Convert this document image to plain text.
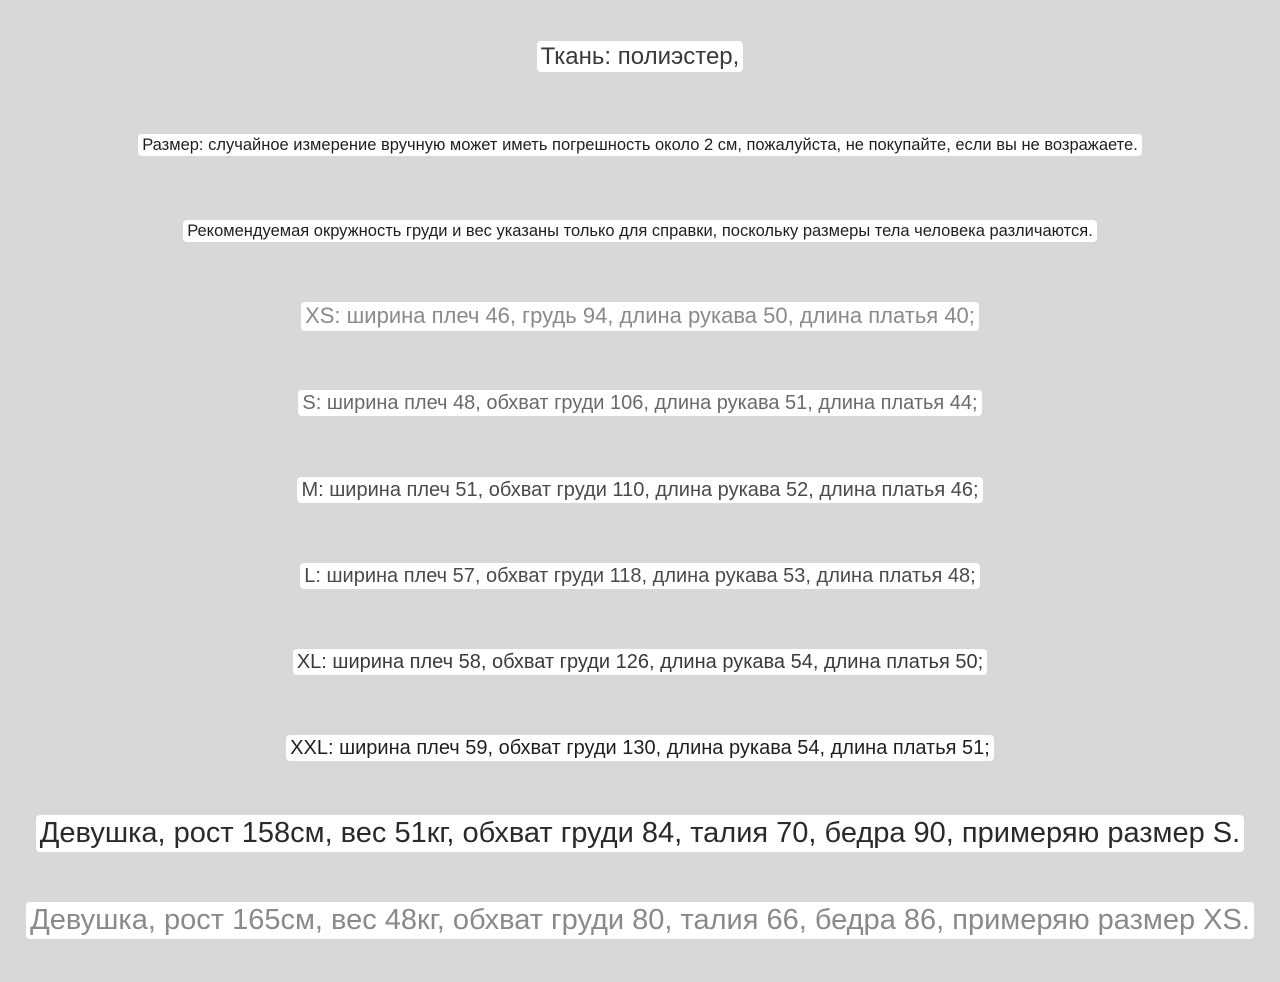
Ткань: полиэстер,
Размер: случайное измерение вручную может иметь погрешность около 2 см, пожалуйста, не покупайте, если вы не возражаете.
Рекомендуемая окружность груди и вес указаны только для справки, поскольку размеры тела человека различаются.
XS: ширина плеч 46, грудь 94, длина рукава 50, длина платья 40;
S: ширина плеч 48, обхват груди 106, длина рукава 51, длина платья 44;
M: ширина плеч 51, обхват груди 110, длина рукава 52, длина платья 46;
L: ширина плеч 57, обхват груди 118, длина рукава 53, длина платья 48;
XL: ширина плеч 58, обхват груди 126, длина рукава 54, длина платья 50;
XXL: ширина плеч 59, обхват груди 130, длина рукава 54, длина платья 51;
Девушка, рост 158см, вес 51кг, обхват груди 84, талия 70, бедра 90, примеряю размер S.
Девушка, рост 165см, вес 48кг, обхват груди 80, талия 66, бедра 86, примеряю размер XS.
